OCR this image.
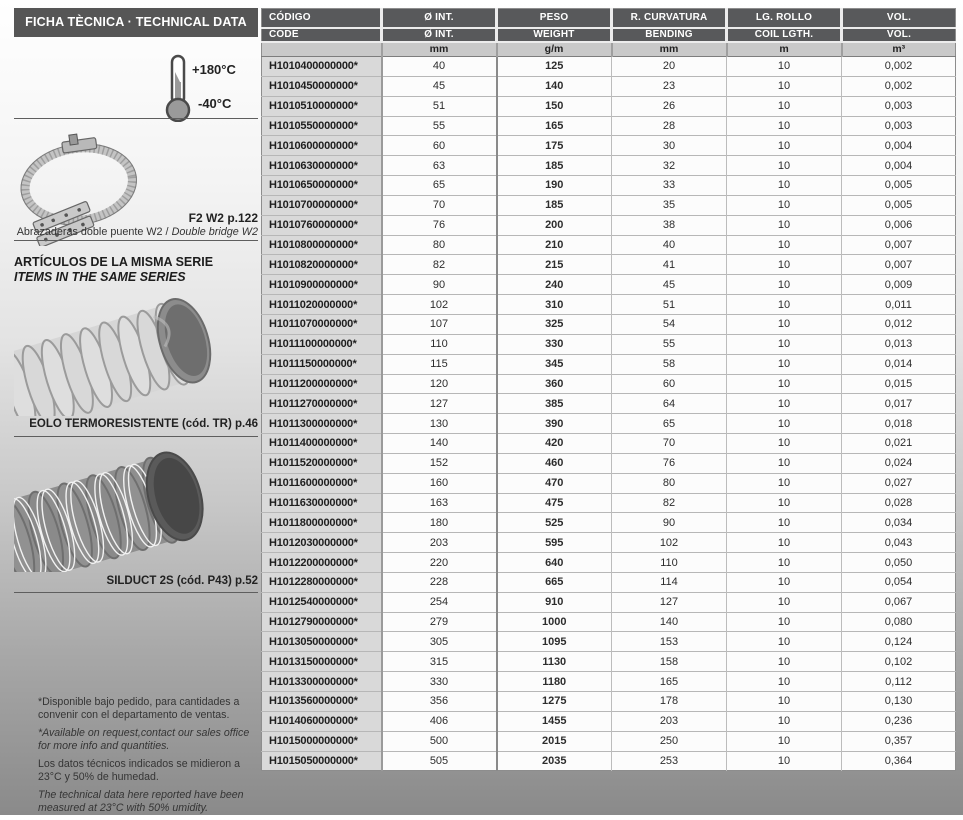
FICHA TÈCNICA · TECHNICAL DATA
+180°C
-40°C
F2 W2 p.122
Abrazaderas doble puente W2 / Double bridge W2
ARTÍCULOS DE LA MISMA SERIE
ITEMS IN THE SAME SERIES
EOLO TERMORESISTENTE (cód. TR) p.46
SILDUCT 2S (cód. P43) p.52

*Disponible bajo pedido, para cantidades a convenir con el departamento de ventas.

*Available on request,contact our sales office for more info and quantities.

Los datos técnicos indicados se midieron a 23°C y 50% de humedad.

The technical data here reported have been measured at 23°C with 50% umidity.

CÓDIGO	Ø INT.	PESO	R. CURVATURA	LG. ROLLO	VOL.
CODE	Ø INT.	WEIGHT	BENDING	COIL LGTH.	VOL.
	mm	g/m	mm	m	m³
H1010400000000*	40	125	20	10	0,002
H1010450000000*	45	140	23	10	0,002
H1010510000000*	51	150	26	10	0,003
H1010550000000*	55	165	28	10	0,003
H1010600000000*	60	175	30	10	0,004
H1010630000000*	63	185	32	10	0,004
H1010650000000*	65	190	33	10	0,005
H1010700000000*	70	185	35	10	0,005
H1010760000000*	76	200	38	10	0,006
H1010800000000*	80	210	40	10	0,007
H1010820000000*	82	215	41	10	0,007
H1010900000000*	90	240	45	10	0,009
H1011020000000*	102	310	51	10	0,011
H1011070000000*	107	325	54	10	0,012
H1011100000000*	110	330	55	10	0,013
H1011150000000*	115	345	58	10	0,014
H1011200000000*	120	360	60	10	0,015
H1011270000000*	127	385	64	10	0,017
H1011300000000*	130	390	65	10	0,018
H1011400000000*	140	420	70	10	0,021
H1011520000000*	152	460	76	10	0,024
H1011600000000*	160	470	80	10	0,027
H1011630000000*	163	475	82	10	0,028
H1011800000000*	180	525	90	10	0,034
H1012030000000*	203	595	102	10	0,043
H1012200000000*	220	640	110	10	0,050
H1012280000000*	228	665	114	10	0,054
H1012540000000*	254	910	127	10	0,067
H1012790000000*	279	1000	140	10	0,080
H1013050000000*	305	1095	153	10	0,124
H1013150000000*	315	1130	158	10	0,102
H1013300000000*	330	1180	165	10	0,112
H1013560000000*	356	1275	178	10	0,130
H1014060000000*	406	1455	203	10	0,236
H1015000000000*	500	2015	250	10	0,357
H1015050000000*	505	2035	253	10	0,364
